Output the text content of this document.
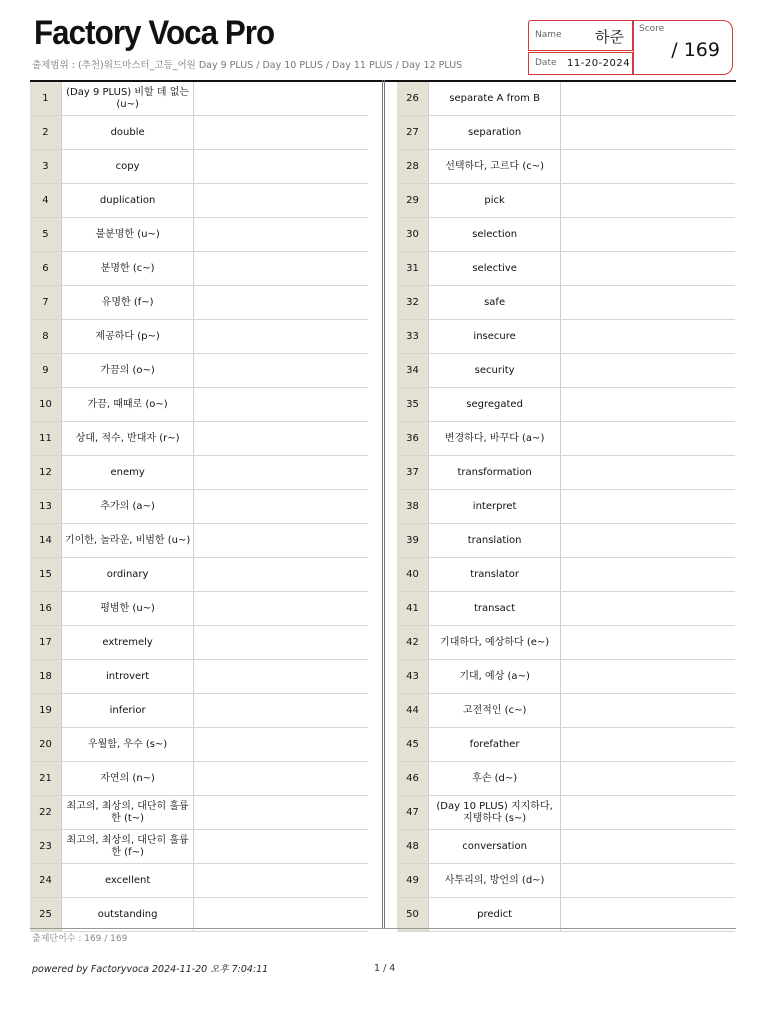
Factory Voca Pro
출제범위 : (추천)워드마스터_고등_어원 Day 9 PLUS / Day 10 PLUS / Day 11 PLUS / Day 12 PLUS
Name 하준
Date 11-20-2024
Score
/ 169
1	(Day 9 PLUS) 비할 데 없는 (u~)	
2	double	
3	copy	
4	duplication	
5	불분명한 (u~)	
6	분명한 (c~)	
7	유명한 (f~)	
8	제공하다 (p~)	
9	가끔의 (o~)	
10	가끔, 때때로 (o~)	
11	상대, 적수, 반대자 (r~)	
12	enemy	
13	추가의 (a~)	
14	기이한, 놀라운, 비범한 (u~)	
15	ordinary	
16	평범한 (u~)	
17	extremely	
18	introvert	
19	inferior	
20	우월함, 우수 (s~)	
21	자연의 (n~)	
22	최고의, 최상의, 대단히 훌륭한 (t~)	
23	최고의, 최상의, 대단히 훌륭한 (f~)	
24	excellent	
25	outstanding	
26	separate A from B	
27	separation	
28	선택하다, 고르다 (c~)	
29	pick	
30	selection	
31	selective	
32	safe	
33	insecure	
34	security	
35	segregated	
36	변경하다, 바꾸다 (a~)	
37	transformation	
38	interpret	
39	translation	
40	translator	
41	transact	
42	기대하다, 예상하다 (e~)	
43	기대, 예상 (a~)	
44	고전적인 (c~)	
45	forefather	
46	후손 (d~)	
47	(Day 10 PLUS) 지지하다, 지탱하다 (s~)	
48	conversation	
49	사투리의, 방언의 (d~)	
50	predict	
출제단어수 : 169 / 169
powered by Factoryvoca 2024-11-20 오후 7:04:11	1 / 4
